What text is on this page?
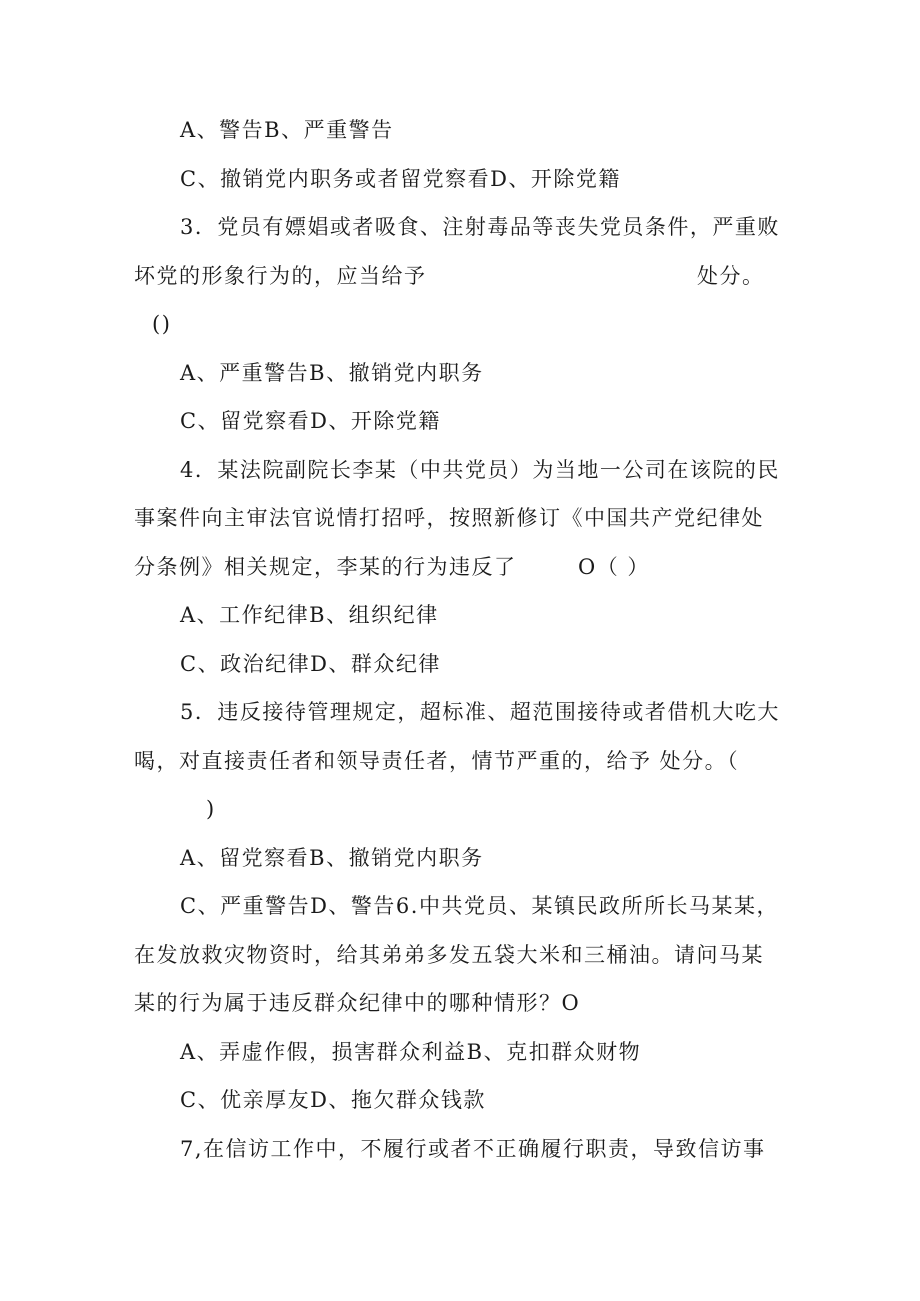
A、警告B、严重警告
C、撤销党内职务或者留党察看D、开除党籍
3．党员有嫖娼或者吸食、注射毒品等丧失党员条件，严重败
坏党的形象行为的，应当给予	处分。
()
A、严重警告B、撤销党内职务
C、留党察看D、开除党籍
4．某法院副院长李某（中共党员）为当地一公司在该院的民
事案件向主审法官说情打招呼，按照新修订《中国共产党纪律处
分条例》相关规定，李某的行为违反了	O（ ）
A、工作纪律B、组织纪律
C、政治纪律D、群众纪律
5．违反接待管理规定，超标准、超范围接待或者借机大吃大
喝，对直接责任者和领导责任者，情节严重的，给予 处分。（
)
A、留党察看B、撤销党内职务
C、严重警告D、警告6.中共党员、某镇民政所所长马某某，
在发放救灾物资时，给其弟弟多发五袋大米和三桶油。请问马某
某的行为属于违反群众纪律中的哪种情形？O
A、弄虚作假，损害群众利益B、克扣群众财物
C、优亲厚友D、拖欠群众钱款
7,在信访工作中，不履行或者不正确履行职责，导致信访事
